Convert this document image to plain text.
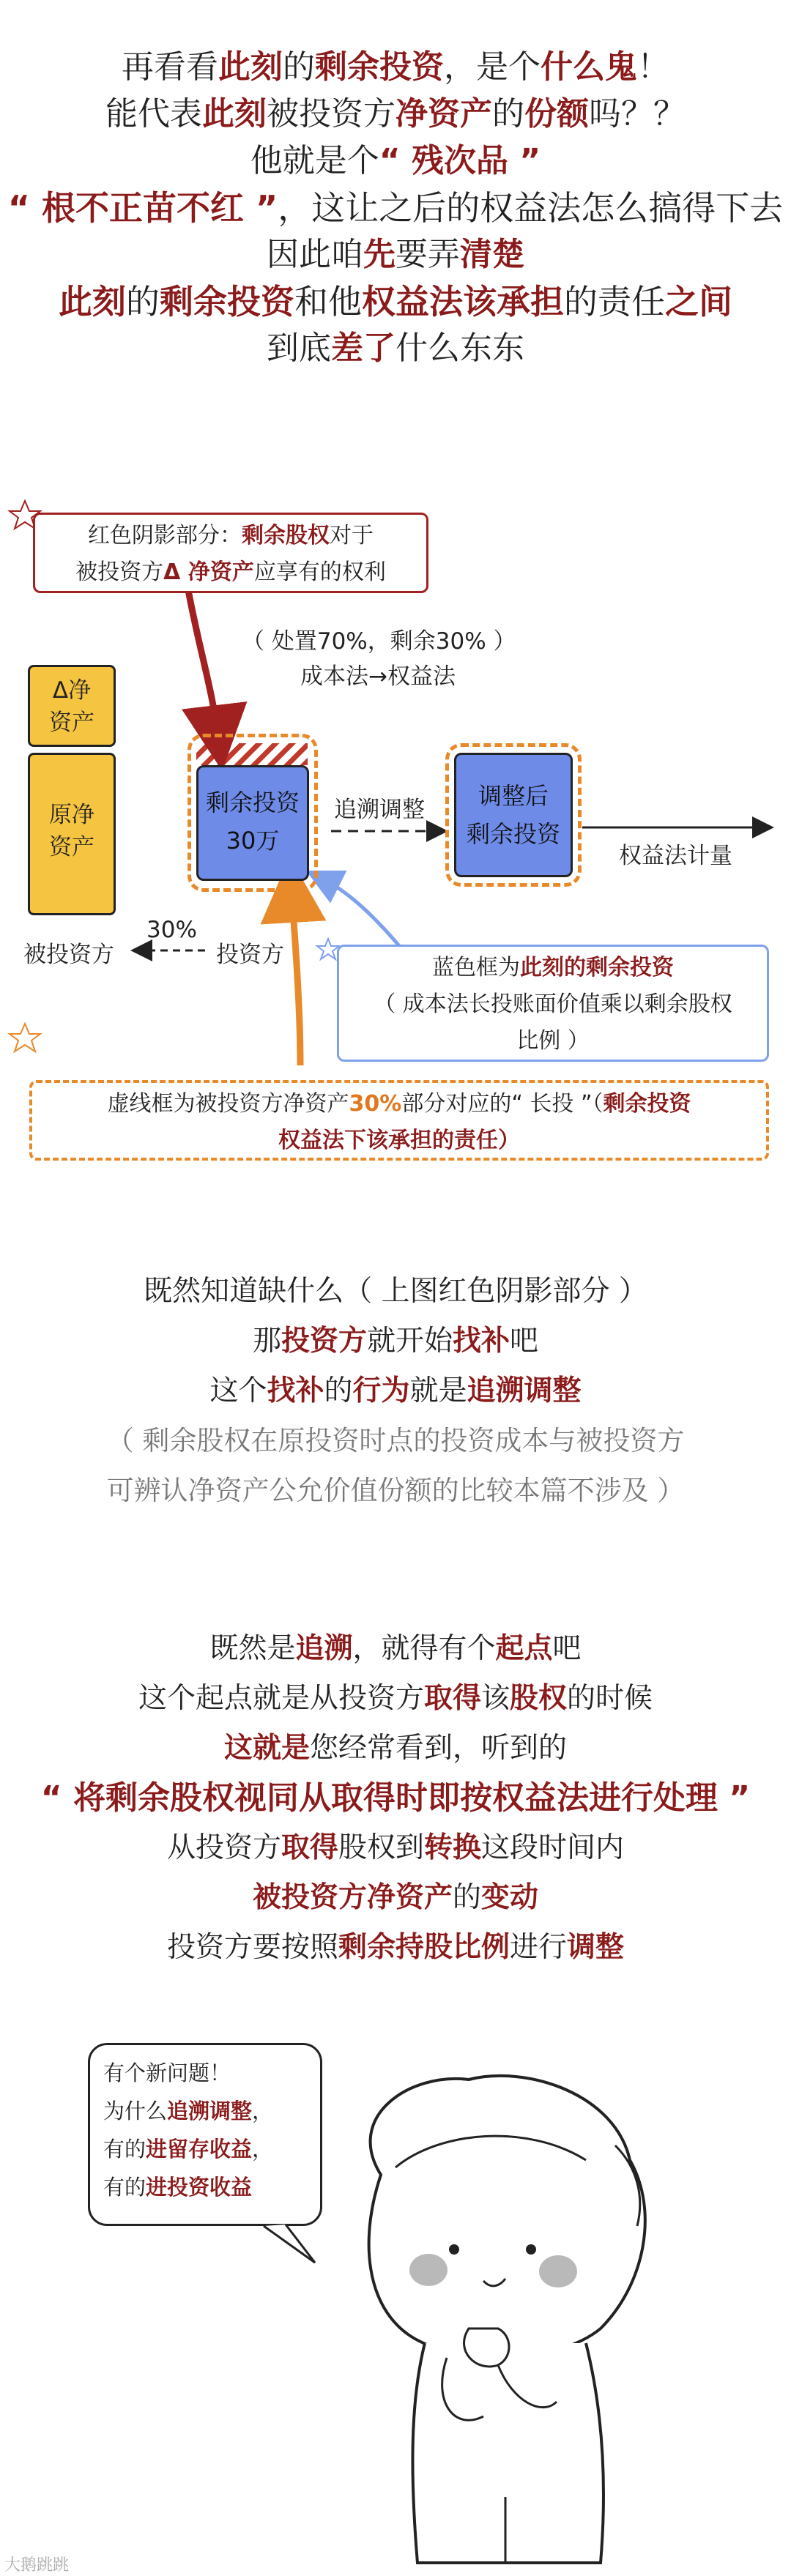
再看看此刻的剩余投资，是个什么鬼！
能代表此刻被投资方净资产的份额吗？？
他就是个“ 残次品 ”
“ 根不正苗不红 ”，这让之后的权益法怎么搞得下去
因此咱先要弄清楚
此刻的剩余投资和他权益法该承担的责任之间
到底差了什么东东
红色阴影部分：剩余股权对于
被投资方Δ 净资产应享有的权利
（ 处置70%，剩余30% ）
成本法→权益法
Δ净资产
原净资产
剩余投资
30万
追溯调整	调整后
剩余投资
权益法计量
30%
被投资方	投资方	蓝色框为此刻的剩余投资
（ 成本法长投账面价值乘以剩余股权
比例 ）
虚线框为被投资方净资产30%部分对应的“ 长投 ”（剩余投资
权益法下该承担的责任）
既然知道缺什么（ 上图红色阴影部分 ）
那投资方就开始找补吧
这个找补的行为就是追溯调整
（ 剩余股权在原投资时点的投资成本与被投资方
可辨认净资产公允价值份额的比较本篇不涉及 ）
既然是追溯，就得有个起点吧
这个起点就是从投资方取得该股权的时候
这就是您经常看到，听到的
“ 将剩余股权视同从取得时即按权益法进行处理 ”
从投资方取得股权到转换这段时间内
被投资方净资产的变动
投资方要按照剩余持股比例进行调整
有个新问题！
为什么追溯调整，
有的进留存收益，
有的进投资收益
大鹅跳跳
